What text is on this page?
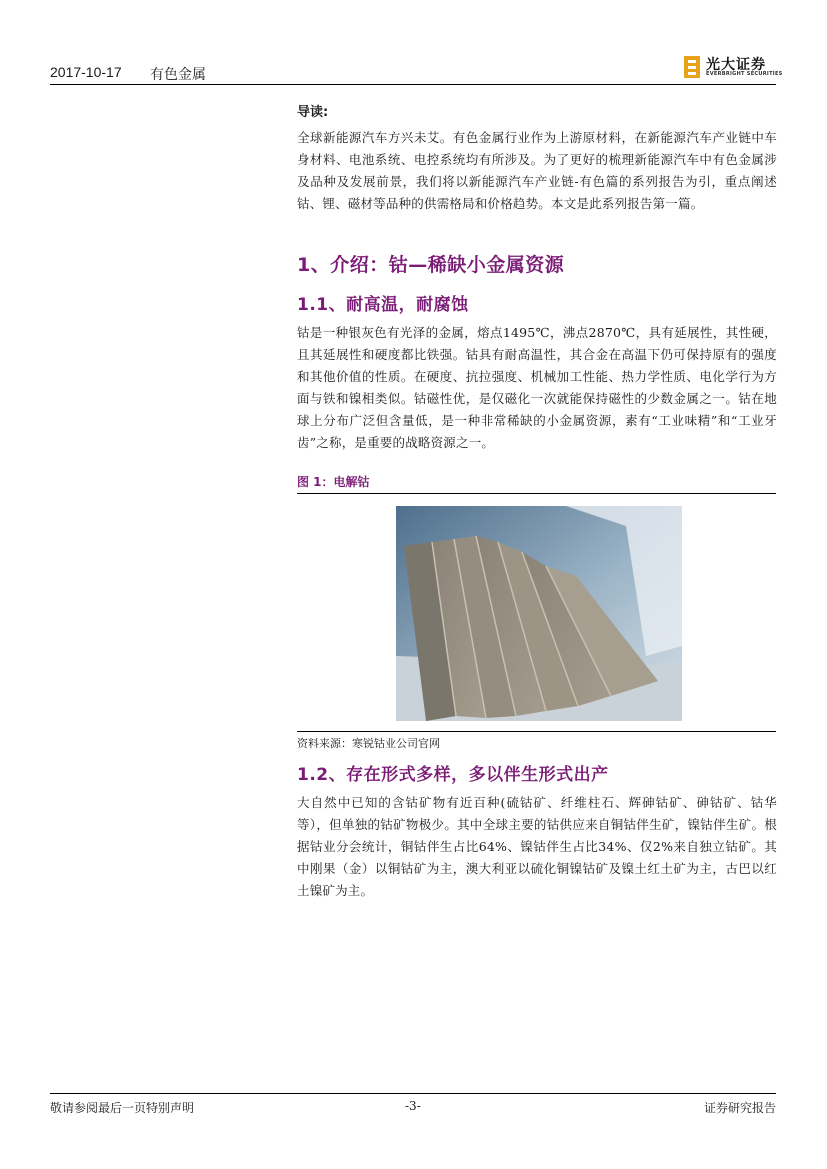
2017-10-17 有色金属
光大证券
EVERBRIGHT SECURITIES
导读:

全球新能源汽车方兴未艾。有色金属行业作为上游原材料，在新能源汽车产业链中车身材料、电池系统、电控系统均有所涉及。为了更好的梳理新能源汽车中有色金属涉及品种及发展前景，我们将以新能源汽车产业链-有色篇的系列报告为引，重点阐述钴、锂、磁材等品种的供需格局和价格趋势。本文是此系列报告第一篇。

1、介绍：钴—稀缺小金属资源
1.1、耐高温，耐腐蚀

钴是一种银灰色有光泽的金属，熔点1495℃，沸点2870℃，具有延展性，其性硬，且其延展性和硬度都比铁强。钴具有耐高温性，其合金在高温下仍可保持原有的强度和其他价值的性质。在硬度、抗拉强度、机械加工性能、热力学性质、电化学行为方面与铁和镍相类似。钴磁性优，是仅磁化一次就能保持磁性的少数金属之一。钴在地球上分布广泛但含量低，是一种非常稀缺的小金属资源，素有“工业味精”和“工业牙齿”之称，是重要的战略资源之一。

图 1：电解钴
资料来源：寒锐钴业公司官网
1.2、存在形式多样，多以伴生形式出产

大自然中已知的含钴矿物有近百种(硫钴矿、纤维柱石、辉砷钴矿、砷钴矿、钴华等），但单独的钴矿物极少。其中全球主要的钴供应来自铜钴伴生矿，镍钴伴生矿。根据钴业分会统计，铜钴伴生占比64%、镍钴伴生占比34%、仅2%来自独立钴矿。其中刚果（金）以铜钴矿为主，澳大利亚以硫化铜镍钴矿及镍土红土矿为主，古巴以红土镍矿为主。

敬请参阅最后一页特别声明	-3-	证券研究报告
